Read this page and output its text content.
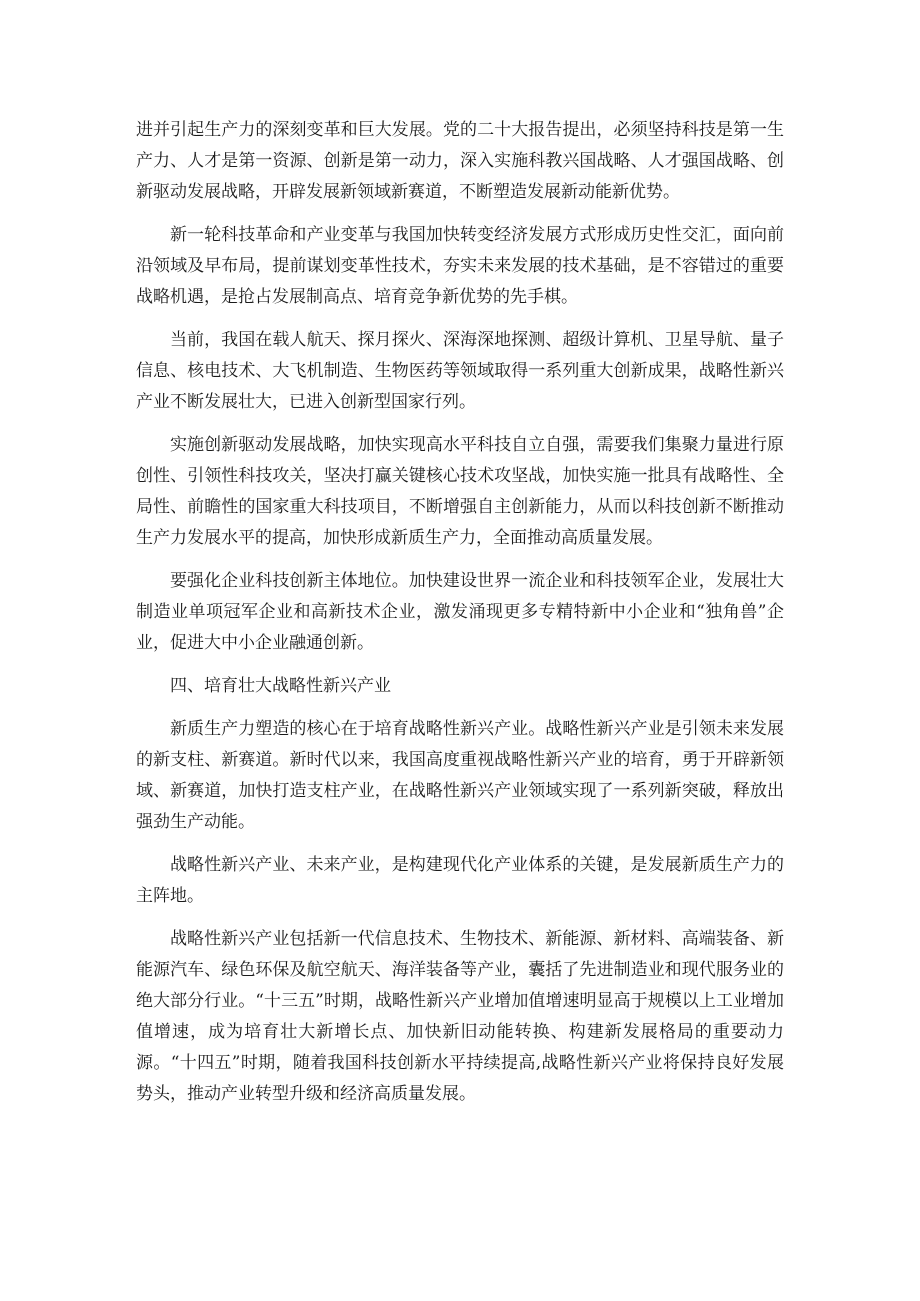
进并引起生产力的深刻变革和巨大发展。党的二十大报告提出，必须坚持科技是第一生产力、人才是第一资源、创新是第一动力，深入实施科教兴国战略、人才强国战略、创新驱动发展战略，开辟发展新领域新赛道，不断塑造发展新动能新优势。

新一轮科技革命和产业变革与我国加快转变经济发展方式形成历史性交汇，面向前沿领域及早布局，提前谋划变革性技术，夯实未来发展的技术基础，是不容错过的重要战略机遇，是抢占发展制高点、培育竞争新优势的先手棋。

当前，我国在载人航天、探月探火、深海深地探测、超级计算机、卫星导航、量子信息、核电技术、大飞机制造、生物医药等领域取得一系列重大创新成果，战略性新兴产业不断发展壮大，已进入创新型国家行列。

实施创新驱动发展战略，加快实现高水平科技自立自强，需要我们集聚力量进行原创性、引领性科技攻关，坚决打赢关键核心技术攻坚战，加快实施一批具有战略性、全局性、前瞻性的国家重大科技项目，不断增强自主创新能力，从而以科技创新不断推动生产力发展水平的提高，加快形成新质生产力，全面推动高质量发展。

要强化企业科技创新主体地位。加快建设世界一流企业和科技领军企业，发展壮大制造业单项冠军企业和高新技术企业，激发涌现更多专精特新中小企业和“独角兽”企业，促进大中小企业融通创新。

四、培育壮大战略性新兴产业

新质生产力塑造的核心在于培育战略性新兴产业。战略性新兴产业是引领未来发展的新支柱、新赛道。新时代以来，我国高度重视战略性新兴产业的培育，勇于开辟新领域、新赛道，加快打造支柱产业，在战略性新兴产业领域实现了一系列新突破，释放出强劲生产动能。

战略性新兴产业、未来产业，是构建现代化产业体系的关键，是发展新质生产力的主阵地。

战略性新兴产业包括新一代信息技术、生物技术、新能源、新材料、高端装备、新能源汽车、绿色环保及航空航天、海洋装备等产业，囊括了先进制造业和现代服务业的绝大部分行业。“十三五”时期，战略性新兴产业增加值增速明显高于规模以上工业增加值增速，成为培育壮大新增长点、加快新旧动能转换、构建新发展格局的重要动力源。“十四五”时期，随着我国科技创新水平持续提高,战略性新兴产业将保持良好发展势头，推动产业转型升级和经济高质量发展。
